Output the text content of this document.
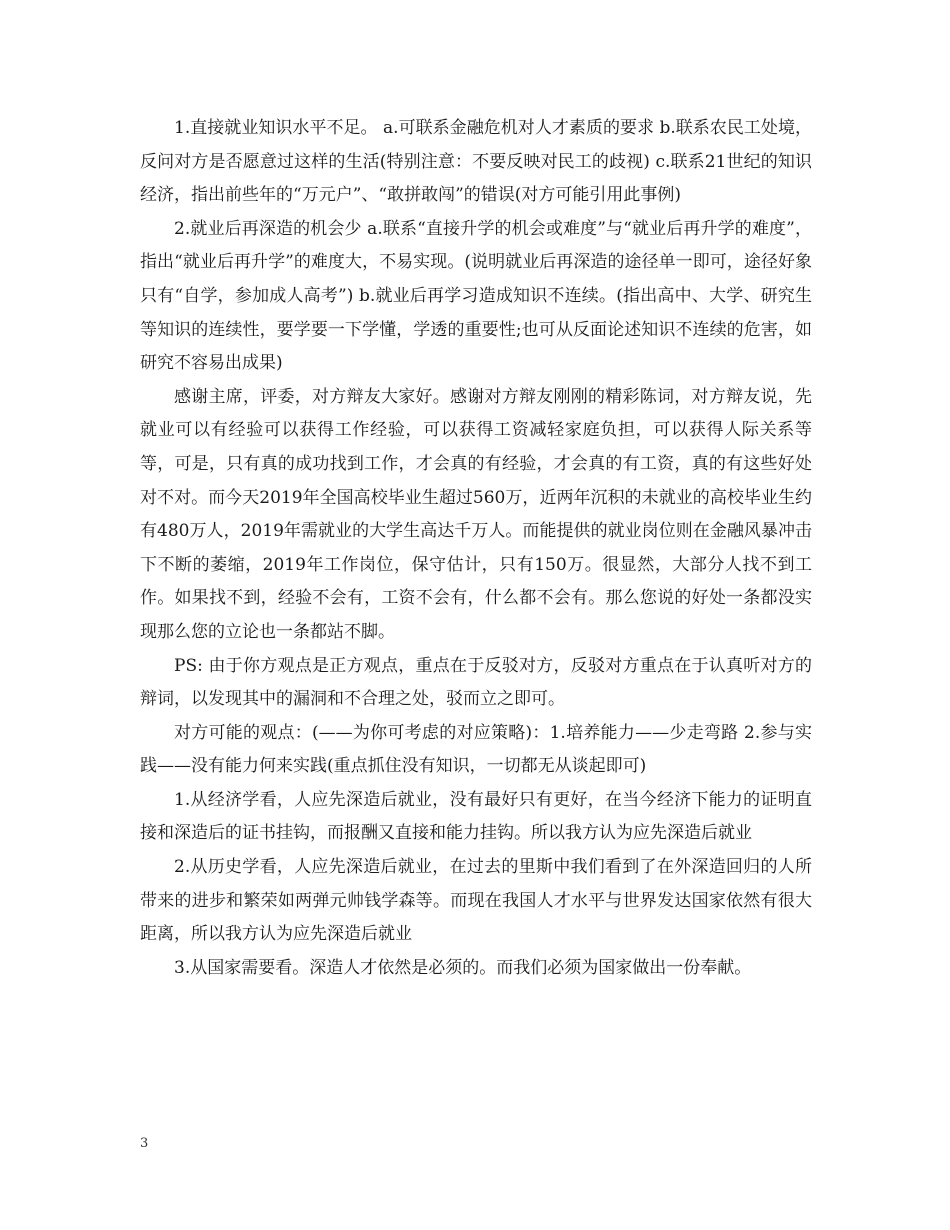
1.直接就业知识水平不足。 a.可联系金融危机对人才素质的要求 b.联系农民工处境，反问对方是否愿意过这样的生活(特别注意：不要反映对民工的歧视) c.联系21世纪的知识经济，指出前些年的“万元户”、“敢拼敢闯”的错误(对方可能引用此事例)

2.就业后再深造的机会少 a.联系“直接升学的机会或难度”与“就业后再升学的难度”，指出“就业后再升学”的难度大，不易实现。(说明就业后再深造的途径单一即可，途径好象只有“自学，参加成人高考”) b.就业后再学习造成知识不连续。(指出高中、大学、研究生等知识的连续性，要学要一下学懂，学透的重要性;也可从反面论述知识不连续的危害，如研究不容易出成果)

感谢主席，评委，对方辩友大家好。感谢对方辩友刚刚的精彩陈词，对方辩友说，先就业可以有经验可以获得工作经验，可以获得工资减轻家庭负担，可以获得人际关系等等，可是，只有真的成功找到工作，才会真的有经验，才会真的有工资，真的有这些好处对不对。而今天2019年全国高校毕业生超过560万，近两年沉积的未就业的高校毕业生约有480万人，2019年需就业的大学生高达千万人。而能提供的就业岗位则在金融风暴冲击下不断的萎缩，2019年工作岗位，保守估计，只有150万。很显然，大部分人找不到工作。如果找不到，经验不会有，工资不会有，什么都不会有。那么您说的好处一条都没实现那么您的立论也一条都站不脚。

PS: 由于你方观点是正方观点，重点在于反驳对方，反驳对方重点在于认真听对方的辩词，以发现其中的漏洞和不合理之处，驳而立之即可。

对方可能的观点：(——为你可考虑的对应策略)：1.培养能力——少走弯路 2.参与实践——没有能力何来实践(重点抓住没有知识，一切都无从谈起即可)

1.从经济学看，人应先深造后就业，没有最好只有更好，在当今经济下能力的证明直接和深造后的证书挂钩，而报酬又直接和能力挂钩。所以我方认为应先深造后就业

2.从历史学看，人应先深造后就业，在过去的里斯中我们看到了在外深造回归的人所带来的进步和繁荣如两弹元帅钱学森等。而现在我国人才水平与世界发达国家依然有很大距离，所以我方认为应先深造后就业

3.从国家需要看。深造人才依然是必须的。而我们必须为国家做出一份奉献。

3
